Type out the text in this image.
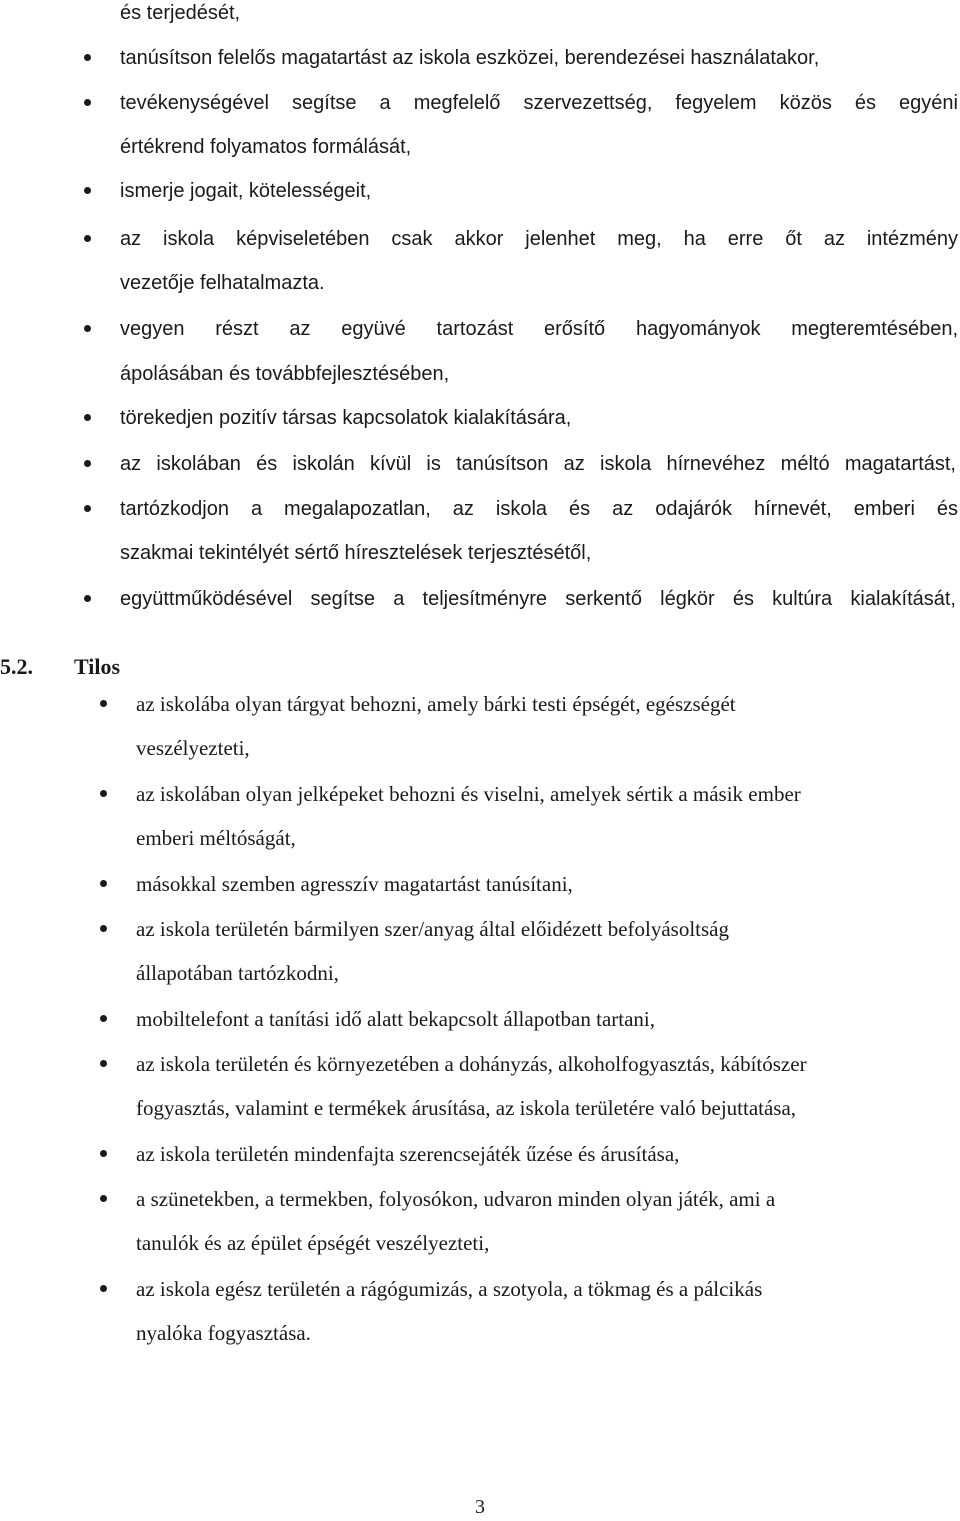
és terjedését,
tanúsítson felelős magatartást az iskola eszközei, berendezései használatakor,
tevékenységével segítse a megfelelő szervezettség, fegyelem közös és egyéni
értékrend folyamatos formálását,
ismerje jogait, kötelességeit,
az iskola képviseletében csak akkor jelenhet meg, ha erre őt az intézmény
vezetője felhatalmazta.
vegyen részt az együvé tartozást erősítő hagyományok megteremtésében,
ápolásában és továbbfejlesztésében,
törekedjen pozitív társas kapcsolatok kialakítására,
az iskolában és iskolán kívül is tanúsítson az iskola hírnevéhez méltó magatartást,
tartózkodjon a megalapozatlan, az iskola és az odajárók hírnevét, emberi és
szakmai tekintélyét sértő híresztelések terjesztésétől,
együttműködésével segítse a teljesítményre serkentő légkör és kultúra kialakítását,
5.2. Tilos
az iskolába olyan tárgyat behozni, amely bárki testi épségét, egészségét
veszélyezteti,
az iskolában olyan jelképeket behozni és viselni, amelyek sértik a másik ember
emberi méltóságát,
másokkal szemben agresszív magatartást tanúsítani,
az iskola területén bármilyen szer/anyag által előidézett befolyásoltság
állapotában tartózkodni,
mobiltelefont a tanítási idő alatt bekapcsolt állapotban tartani,
az iskola területén és környezetében a dohányzás, alkoholfogyasztás, kábítószer
fogyasztás, valamint e termékek árusítása, az iskola területére való bejuttatása,
az iskola területén mindenfajta szerencsejáték űzése és árusítása,
a szünetekben, a termekben, folyosókon, udvaron minden olyan játék, ami a
tanulók és az épület épségét veszélyezteti,
az iskola egész területén a rágógumizás, a szotyola, a tökmag és a pálcikás
nyalóka fogyasztása.
3
